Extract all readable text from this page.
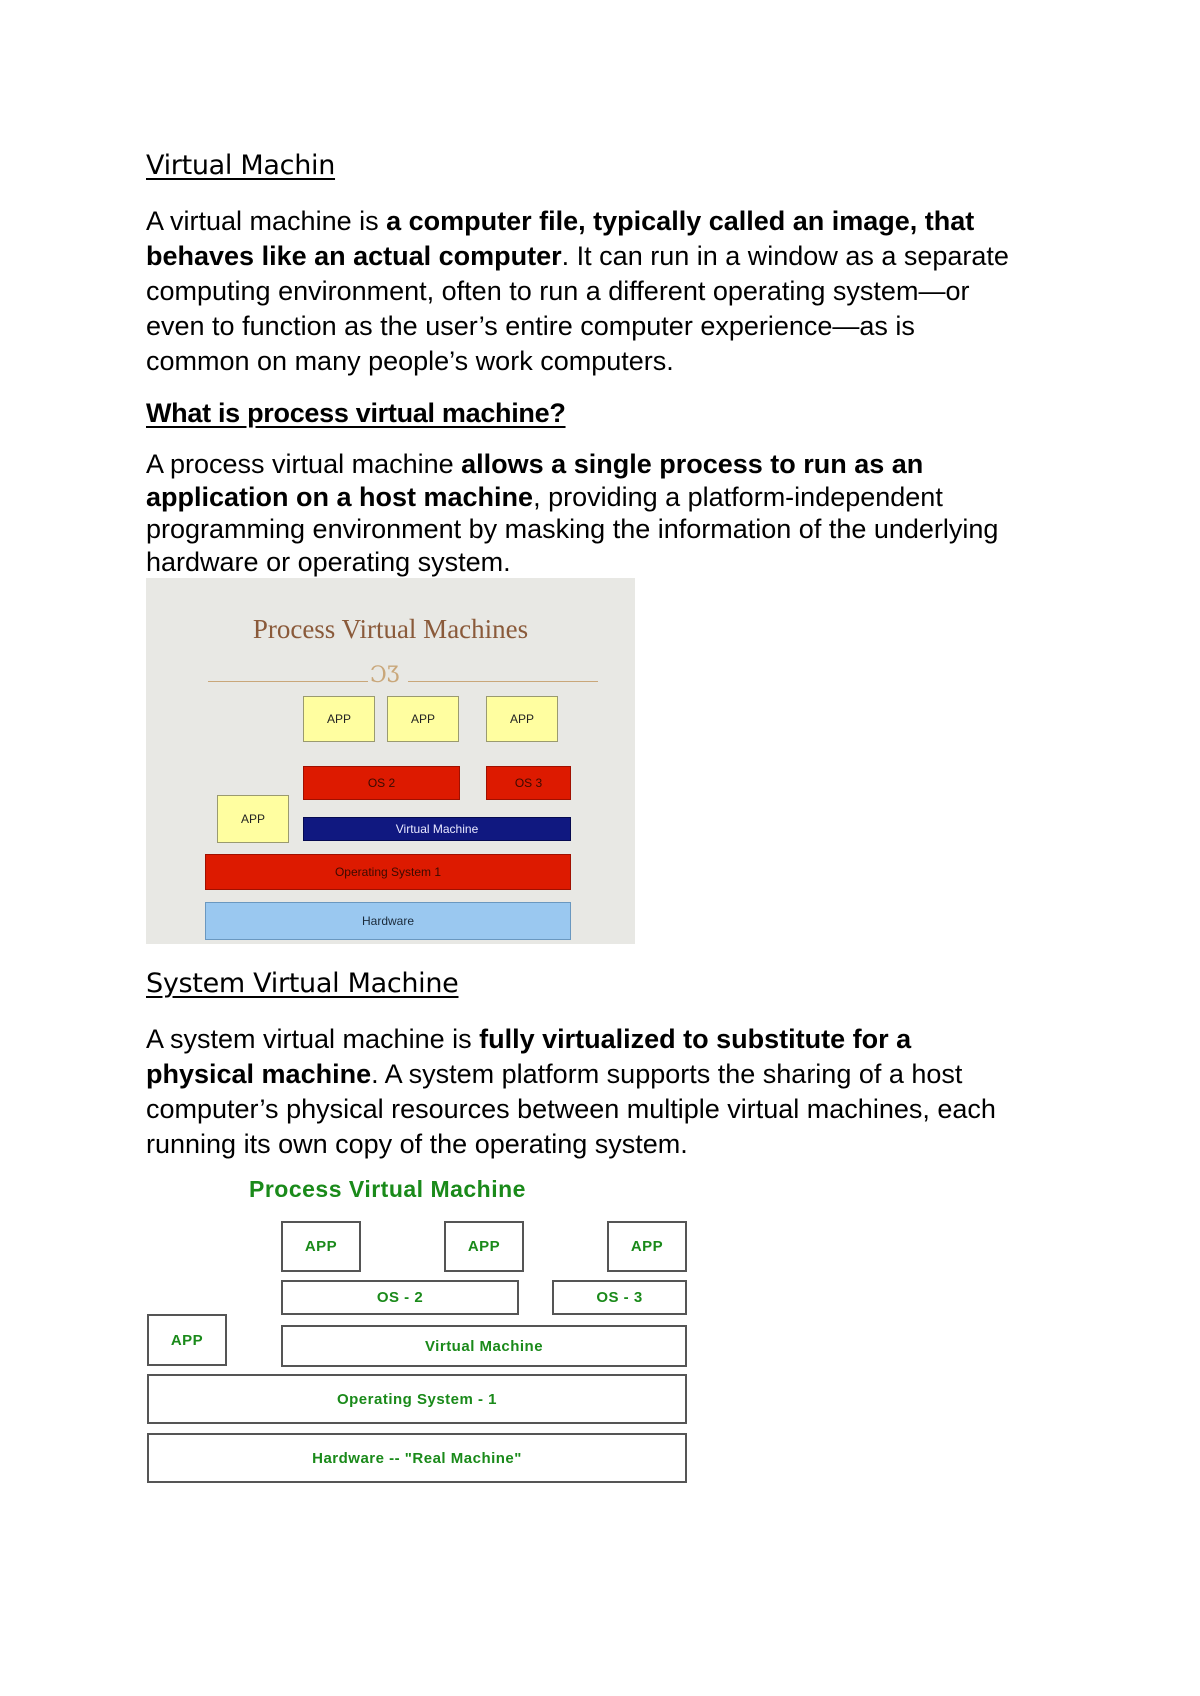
Virtual Machin

A virtual machine is a computer file, typically called an image, that
behaves like an actual computer. It can run in a window as a separate
computing environment, often to run a different operating system—or
even to function as the user’s entire computer experience—as is
common on many people’s work computers.

What is process virtual machine?

A process virtual machine allows a single process to run as an
application on a host machine, providing a platform-independent
programming environment by masking the information of the underlying
hardware or operating system.

Process Virtual Machines
ƆƷ
APP	APP	APP
OS 2	OS 3
APP
Virtual Machine
Operating System 1
Hardware
System Virtual Machine

A system virtual machine is fully virtualized to substitute for a
physical machine. A system platform supports the sharing of a host
computer’s physical resources between multiple virtual machines, each
running its own copy of the operating system.

Process Virtual Machine
APP	APP	APP
OS - 2	OS - 3
APP	Virtual Machine
Operating System - 1
Hardware -- "Real Machine"
